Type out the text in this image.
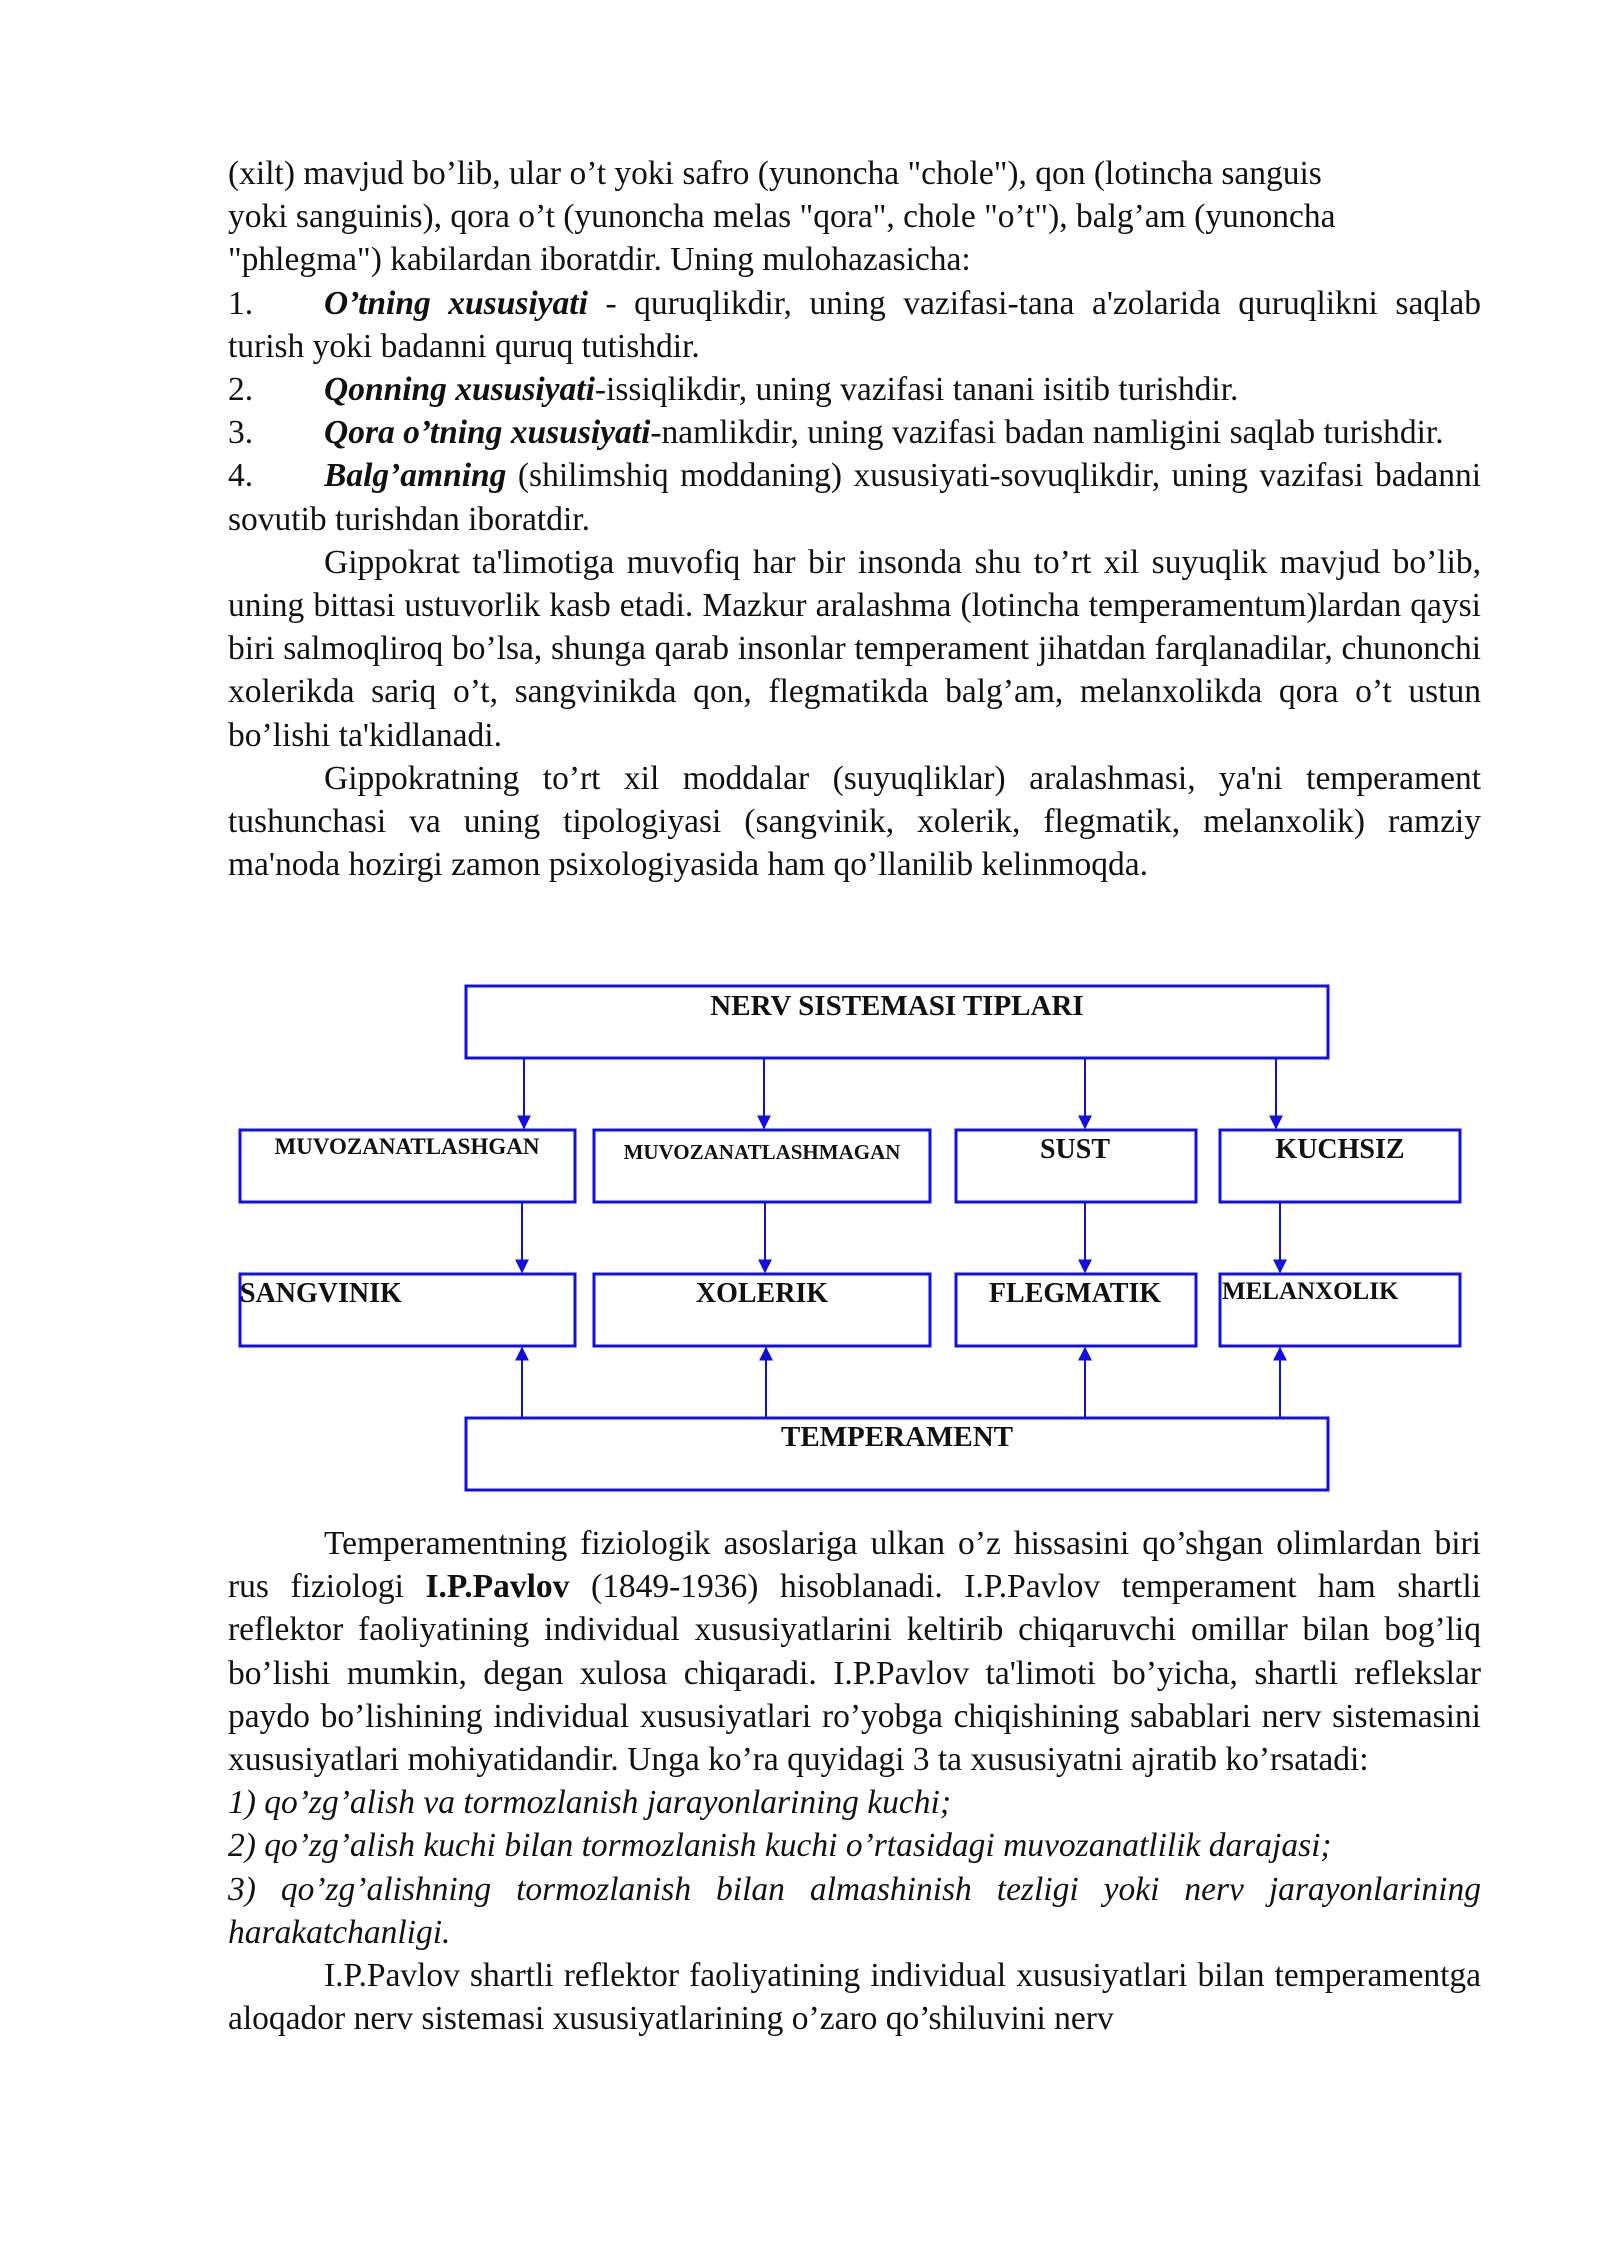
(xilt) mavjud bo’lib, ular o’t yoki safro (yunoncha "chole"), qon (lotincha sanguis

yoki sanguinis), qora o’t (yunoncha melas "qora", chole "o’t"), balg’am (yunoncha

"phlegma") kabilardan iboratdir. Uning mulohazasicha:

1. O’tning xususiyati - quruqlikdir, uning vazifasi-tana a'zolarida quruqlikni saqlab turish yoki badanni quruq tutishdir.

2. Qonning xususiyati-issiqlikdir, uning vazifasi tanani isitib turishdir.

3. Qora o’tning xususiyati-namlikdir, uning vazifasi badan namligini saqlab turishdir.

4. Balg’amning (shilimshiq moddaning) xususiyati-sovuqlikdir, uning vazifasi badanni sovutib turishdan iboratdir.

Gippokrat ta'limotiga muvofiq har bir insonda shu to’rt xil suyuqlik mavjud bo’lib, uning bittasi ustuvorlik kasb etadi. Mazkur aralashma (lotincha temperamentum)lardan qaysi biri salmoqliroq bo’lsa, shunga qarab insonlar temperament jihatdan farqlanadilar, chunonchi xolerikda sariq o’t, sangvinikda qon, flegmatikda balg’am, melanxolikda qora o’t ustun bo’lishi ta'kidlanadi.

Gippokratning to’rt xil moddalar (suyuqliklar) aralashmasi, ya'ni temperament tushunchasi va uning tipologiyasi (sangvinik, xolerik, flegmatik, melanxolik) ramziy ma'noda hozirgi zamon psixologiyasida ham qo’llanilib kelinmoqda.

NERV SISTEMASI TIPLARI
MUVOZANATLASHGAN	MUVOZANATLASHMAGAN	SUST	KUCHSIZ
SANGVINIK	XOLERIK	FLEGMATIK MELANXOLIK
TEMPERAMENT

Temperamentning fiziologik asoslariga ulkan o’z hissasini qo’shgan olimlardan biri rus fiziologi I.P.Pavlov (1849-1936) hisoblanadi. I.P.Pavlov temperament ham shartli reflektor faoliyatining individual xususiyatlarini keltirib chiqaruvchi omillar bilan bog’liq bo’lishi mumkin, degan xulosa chiqaradi. I.P.Pavlov ta'limoti bo’yicha, shartli reflekslar paydo bo’lishining individual xususiyatlari ro’yobga chiqishining sabablari nerv sistemasini xususiyatlari mohiyatidandir. Unga ko’ra quyidagi 3 ta xususiyatni ajratib ko’rsatadi:

1) qo’zg’alish va tormozlanish jarayonlarining kuchi;

2) qo’zg’alish kuchi bilan tormozlanish kuchi o’rtasidagi muvozanatlilik darajasi;

3) qo’zg’alishning tormozlanish bilan almashinish tezligi yoki nerv jarayonlarining harakatchanligi.

I.P.Pavlov shartli reflektor faoliyatining individual xususiyatlari bilan temperamentga aloqador nerv sistemasi xususiyatlarining o’zaro qo’shiluvini nerv
